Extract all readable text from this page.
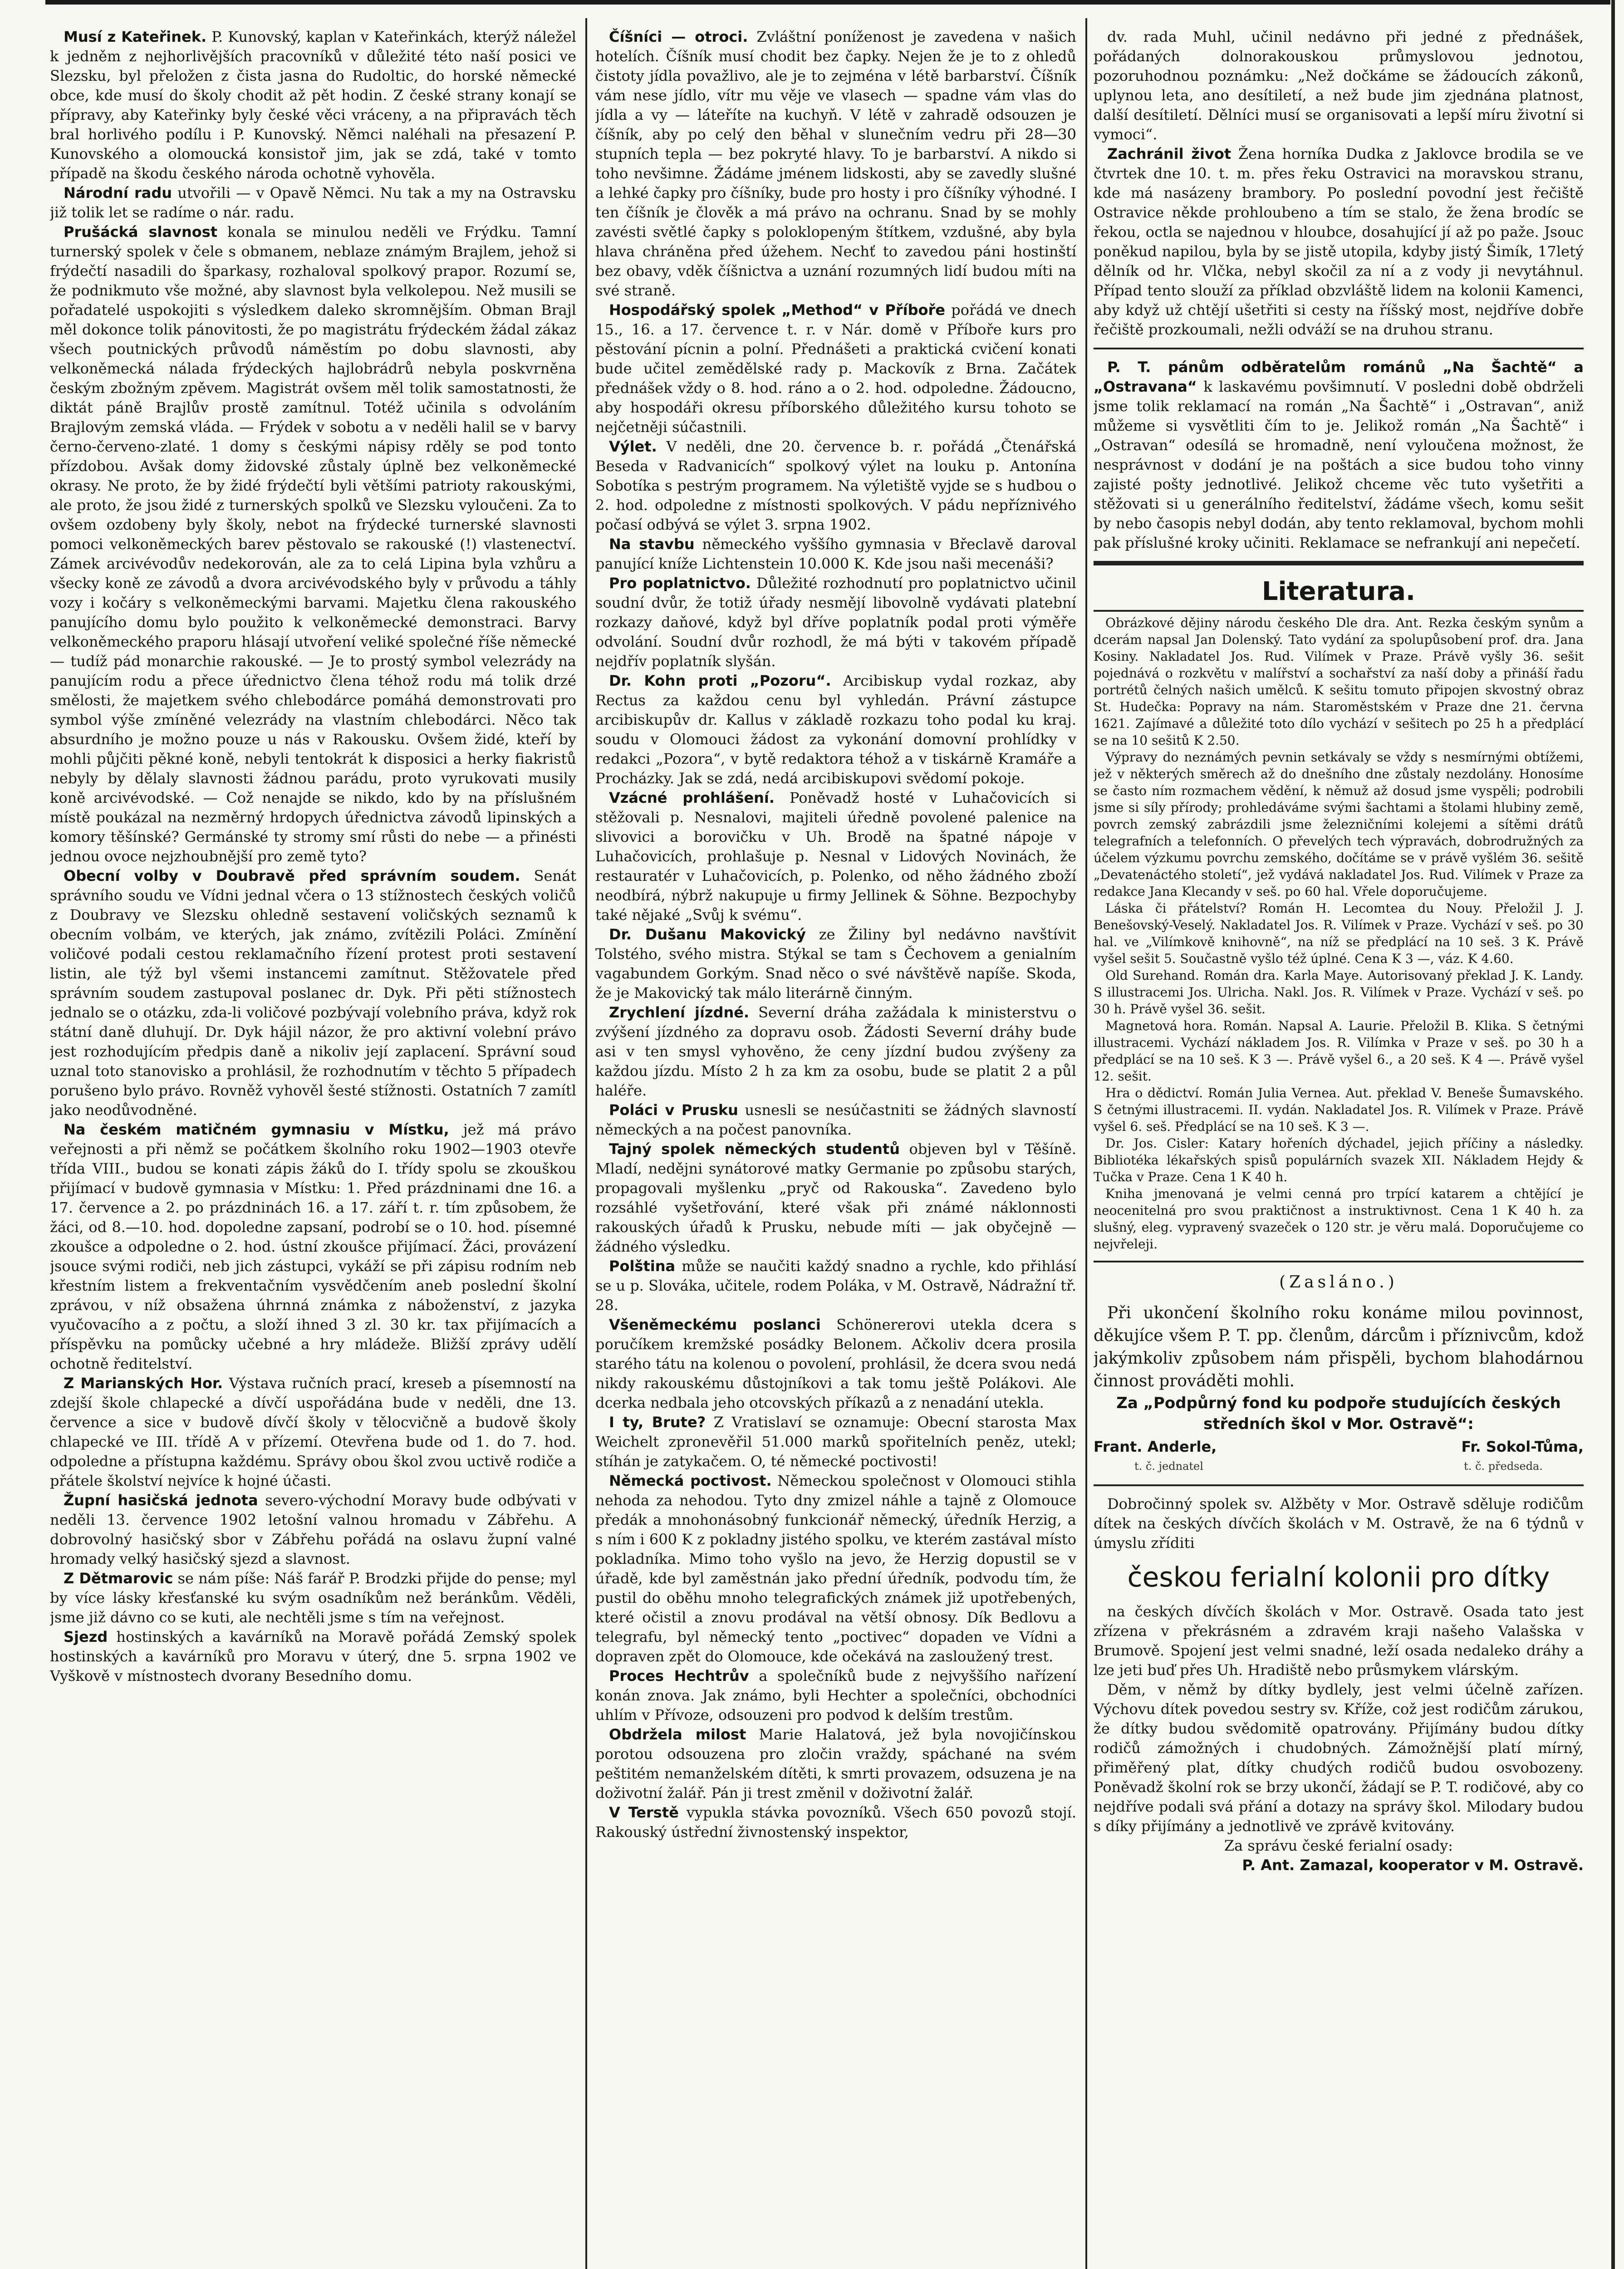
Musí z Kateřinek. P. Kunovský, kaplan v Kateřinkách, kterýž náležel k jedněm z nejhorlivějších pracovníků v důležité této naší posici ve Slezsku, byl přeložen z čista jasna do Rudoltic, do horské německé obce, kde musí do školy chodit až pět hodin. Z české strany konají se přípravy, aby Kateřinky byly české věci vráceny, a na připravách těch bral horlivého podílu i P. Kunovský. Němci naléhali na přesazení P. Kunovského a olomoucká konsistoř jim, jak se zdá, také v tomto případě na škodu českého národa ochotně vyhověla.

Národní radu utvořili — v Opavě Němci. Nu tak a my na Ostravsku již tolik let se radíme o nár. radu.

Prušácká slavnost konala se minulou neděli ve Frýdku. Tamní turnerský spolek v čele s obmanem, neblaze známým Brajlem, jehož si frýdečtí nasadili do šparkasy, rozhaloval spolkový prapor. Rozumí se, že podnikmuto vše možné, aby slavnost byla velkolepou. Než musili se pořadatelé uspokojiti s výsledkem daleko skromnějším. Obman Brajl měl dokonce tolik pánovitosti, že po magistrátu frýdeckém žádal zákaz všech poutnických průvodů náměstím po dobu slavnosti, aby velkoněmecká nálada frýdeckých hajlobrádrů nebyla poskvrněna českým zbožným zpěvem. Magistrát ovšem měl tolik samostatnosti, že diktát páně Brajlův prostě zamítnul. Totéž učinila s odvoláním Brajlovým zemská vláda. — Frýdek v sobotu a v neděli halil se v barvy černo-červeno-zlaté. 1 domy s českými nápisy rděly se pod tonto přízdobou. Avšak domy židovské zůstaly úplně bez velkoněmecké okrasy. Ne proto, že by židé frýdečtí byli většími patrioty rakouskými, ale proto, že jsou židé z turnerských spolků ve Slezsku vyloučeni. Za to ovšem ozdobeny byly školy, nebot na frýdecké turnerské slavnosti pomoci velkoněmeckých barev pěstovalo se rakouské (!) vlastenectví. Zámek arcivévodův nedekorován, ale za to celá Lipina byla vzhůru a všecky koně ze závodů a dvora arcivévodského byly v průvodu a táhly vozy i kočáry s velkoněmeckými barvami. Majetku člena rakouského panujícího domu bylo použito k velkoněmecké demonstraci. Barvy velkoněmeckého praporu hlásají utvoření veliké společné říše německé — tudíž pád monarchie rakouské. — Je to prostý symbol velezrády na panujícím rodu a přece úřednictvo člena téhož rodu má tolik drzé smělosti, že majetkem svého chlebodárce pomáhá demonstrovati pro symbol výše zmíněné velezrády na vlastním chlebodárci. Něco tak absurdního je možno pouze u nás v Rakousku. Ovšem židé, kteří by mohli půjčiti pěkné koně, nebyli tentokrát k disposici a herky fiakristů nebyly by dělaly slavnosti žádnou parádu, proto vyrukovati musily koně arcivévodské. — Což nenajde se nikdo, kdo by na příslušném místě poukázal na nezměrný hrdopych úřednictva závodů lipinských a komory těšínské? Germánské ty stromy smí růsti do nebe — a přinésti jednou ovoce nejzhoubnější pro země tyto?

Obecní volby v Doubravě před správním soudem. Senát správního soudu ve Vídni jednal včera o 13 stížnostech českých voličů z Doubravy ve Slezsku ohledně sestavení voličských seznamů k obecním volbám, ve kterých, jak známo, zvítězili Poláci. Zmínění voličové podali cestou reklamačního řízení protest proti sestavení listin, ale týž byl všemi instancemi zamítnut. Stěžovatele před správním soudem zastupoval poslanec dr. Dyk. Při pěti stížnostech jednalo se o otázku, zda-li voličové pozbývají volebního práva, když rok státní daně dluhují. Dr. Dyk hájil názor, že pro aktivní volební právo jest rozhodujícím předpis daně a nikoliv její zaplacení. Správní soud uznal toto stanovisko a prohlásil, že rozhodnutím v těchto 5 případech porušeno bylo právo. Rovněž vyhověl šesté stížnosti. Ostatních 7 zamítl jako neodůvodněné.

Na českém matičném gymnasiu v Místku, jež má právo veřejnosti a při němž se počátkem školního roku 1902—1903 otevře třída VIII., budou se konati zápis žáků do I. třídy spolu se zkouškou přijímací v budově gymnasia v Místku: 1. Před prázdninami dne 16. a 17. července a 2. po prázdninách 16. a 17. září t. r. tím způsobem, že žáci, od 8.—10. hod. dopoledne zapsaní, podrobí se o 10. hod. písemné zkoušce a odpoledne o 2. hod. ústní zkoušce přijímací. Žáci, provázení jsouce svými rodiči, neb jich zástupci, vykáží se při zápisu rodním neb křestním listem a frekventačním vysvědčením aneb poslední školní zprávou, v níž obsažena úhrnná známka z náboženství, z jazyka vyučovacího a z počtu, a složí ihned 3 zl. 30 kr. tax přijímacích a příspěvku na pomůcky učebné a hry mládeže. Bližší zprávy udělí ochotně ředitelství.

Z Marianských Hor. Výstava ručních prací, kreseb a písemností na zdejší škole chlapecké a dívčí uspořádána bude v neděli, dne 13. července a sice v budově dívčí školy v tělocvičně a budově školy chlapecké ve III. třídě A v přízemí. Otevřena bude od 1. do 7. hod. odpoledne a přístupna každému. Správy obou škol zvou uctivě rodiče a přátele školství nejvíce k hojné účasti.

Župní hasičská jednota severo-východní Moravy bude odbývati v neděli 13. července 1902 letošní valnou hromadu v Zábřehu. A dobrovolný hasičský sbor v Zábřehu pořádá na oslavu župní valné hromady velký hasičský sjezd a slavnost.

Z Dětmarovic se nám píše: Náš farář P. Brodzki přijde do pense; myl by více lásky křesťanské ku svým osadníkům než beránkům. Věděli, jsme již dávno co se kuti, ale nechtěli jsme s tím na veřejnost.

Sjezd hostinských a kavárníků na Moravě pořádá Zemský spolek hostinských a kavárníků pro Moravu v úterý, dne 5. srpna 1902 ve Vyškově v místnostech dvorany Besedního domu.

Číšníci — otroci. Zvláštní poníženost je zavedena v našich hotelích. Číšník musí chodit bez čapky. Nejen že je to z ohledů čistoty jídla považlivo, ale je to zejména v létě barbarství. Číšník vám nese jídlo, vítr mu věje ve vlasech — spadne vám vlas do jídla a vy — láteříte na kuchyň. V létě v zahradě odsouzen je číšník, aby po celý den běhal v slunečním vedru při 28—30 stupních tepla — bez pokryté hlavy. To je barbarství. A nikdo si toho nevšimne. Žádáme jménem lidskosti, aby se zavedly slušné a lehké čapky pro číšníky, bude pro hosty i pro číšníky výhodné. I ten číšník je člověk a má právo na ochranu. Snad by se mohly zavésti světlé čapky s poloklopeným štítkem, vzdušné, aby byla hlava chráněna před úžehem. Nechť to zavedou páni hostinští bez obavy, vděk číšnictva a uznání rozumných lidí budou míti na své straně.

Hospodářský spolek „Method“ v Příboře pořádá ve dnech 15., 16. a 17. července t. r. v Nár. domě v Příboře kurs pro pěstování pícnin a polní. Přednášeti a praktická cvičení konati bude učitel zemědělské rady p. Mackovík z Brna. Začátek přednášek vždy o 8. hod. ráno a o 2. hod. odpoledne. Žádoucno, aby hospodáři okresu příborského důležitého kursu tohoto se nejčetněji súčastnili.

Výlet. V neděli, dne 20. července b. r. pořádá „Čtenářská Beseda v Radvanicích“ spolkový výlet na louku p. Antonína Sobotíka s pestrým programem. Na výletiště vyjde se s hudbou o 2. hod. odpoledne z místnosti spolkových. V pádu nepříznivého počasí odbývá se výlet 3. srpna 1902.

Na stavbu německého vyššího gymnasia v Břeclavě daroval panující kníže Lichtenstein 10.000 K. Kde jsou naši mecenáši?

Pro poplatnictvo. Důležité rozhodnutí pro poplatnictvo učinil soudní dvůr, že totiž úřady nesmějí libovolně vydávati platební rozkazy daňové, když byl dříve poplatník podal proti výměře odvolání. Soudní dvůr rozhodl, že má býti v takovém případě nejdřív poplatník slyšán.

Dr. Kohn proti „Pozoru“. Arcibiskup vydal rozkaz, aby Rectus za každou cenu byl vyhledán. Právní zástupce arcibiskupův dr. Kallus v základě rozkazu toho podal ku kraj. soudu v Olomouci žádost za vykonání domovní prohlídky v redakci „Pozora“, v bytě redaktora téhož a v tiskárně Kramáře a Procházky. Jak se zdá, nedá arcibiskupovi svědomí pokoje.

Vzácné prohlášení. Poněvadž hosté v Luhačovicích si stěžovali p. Nesnalovi, majiteli úředně povolené palenice na slivovici a borovičku v Uh. Brodě na špatné nápoje v Luhačovicích, prohlašuje p. Nesnal v Lidových Novinách, že restauratér v Luhačovicích, p. Polenko, od něho žádného zboží neodbírá, nýbrž nakupuje u firmy Jellinek & Söhne. Bezpochyby také nějaké „Svůj k svému“.

Dr. Dušanu Makovický ze Žiliny byl nedávno navštívit Tolstého, svého mistra. Stýkal se tam s Čechovem a genialním vagabundem Gorkým. Snad něco o své návštěvě napíše. Skoda, že je Makovický tak málo literárně činným.

Zrychlení jízdné. Severní dráha zažádala k ministerstvu o zvýšení jízdného za dopravu osob. Žádosti Severní dráhy bude asi v ten smysl vyhověno, že ceny jízdní budou zvýšeny za každou jízdu. Místo 2 h za km za osobu, bude se platit 2 a půl haléře.

Poláci v Prusku usnesli se nesúčastniti se žádných slavností německých a na počest panovníka.

Tajný spolek německých studentů objeven byl v Těšíně. Mladí, nedějni synátorové matky Germanie po způsobu starých, propagovali myšlenku „pryč od Rakouska“. Zavedeno bylo rozsáhlé vyšetřování, které však při známé náklonnosti rakouských úřadů k Prusku, nebude míti — jak obyčejně — žádného výsledku.

Polština může se naučiti každý snadno a rychle, kdo přihlásí se u p. Slováka, učitele, rodem Poláka, v M. Ostravě, Nádražní tř. 28.

Všeněmeckému poslanci Schönererovi utekla dcera s poručíkem kremžské posádky Belonem. Ačkoliv dcera prosila starého tátu na kolenou o povolení, prohlásil, že dcera svou nedá nikdy rakouskému důstojníkovi a tak tomu ještě Polákovi. Ale dcerka nedbala jeho otcovských příkazů a z nenadání utekla.

I ty, Brute? Z Vratislaví se oznamuje: Obecní starosta Max Weichelt zpronevěřil 51.000 marků spořitelních peněz, utekl; stíhán je zatykačem. O, té německé poctivosti!

Německá poctivost. Německou společnost v Olomouci stihla nehoda za nehodou. Tyto dny zmizel náhle a tajně z Olomouce předák a mnohonásobný funkcionář německý, úředník Herzig, a s ním i 600 K z pokladny jistého spolku, ve kterém zastával místo pokladníka. Mimo toho vyšlo na jevo, že Herzig dopustil se v úřadě, kde byl zaměstnán jako přední úředník, podvodu tím, že pustil do oběhu mnoho telegrafických známek již upotřebených, které očistil a znovu prodával na větší obnosy. Dík Bedlovu a telegrafu, byl německý tento „poctivec“ dopaden ve Vídni a dopraven zpět do Olomouce, kde očekává na zasloužený trest.

Proces Hechtrův a společníků bude z nejvyššího nařízení konán znova. Jak známo, byli Hechter a společníci, obchodníci uhlím v Přívoze, odsouzeni pro podvod k delším trestům.

Obdržela milost Marie Halatová, jež byla novojičínskou porotou odsouzena pro zločin vraždy, spáchané na svém peštitém nemanželském dítěti, k smrti provazem, odsuzena je na doživotní žalář. Pán ji trest změnil v doživotní žalář.

V Terstě vypukla stávka povozníků. Všech 650 povozů stojí. Rakouský ústřední živnostenský inspektor,

dv. rada Muhl, učinil nedávno při jedné z přednášek, pořádaných dolnorakouskou průmyslovou jednotou, pozoruhodnou poznámku: „Než dočkáme se žádoucích zákonů, uplynou leta, ano desítiletí, a než bude jim zjednána platnost, další desítiletí. Dělníci musí se organisovati a lepší míru životní si vymoci“.

Zachránil život Žena horníka Dudka z Jaklovce brodila se ve čtvrtek dne 10. t. m. přes řeku Ostravici na moravskou stranu, kde má nasázeny brambory. Po poslední povodní jest řečiště Ostravice někde prohloubeno a tím se stalo, že žena brodíc se řekou, octla se najednou v hloubce, dosahující jí až po paže. Jsouc poněkud napilou, byla by se jistě utopila, kdyby jistý Šimík, 17letý dělník od hr. Vlčka, nebyl skočil za ní a z vody ji nevytáhnul. Případ tento slouží za příklad obzvláště lidem na kolonii Kamenci, aby když už chtějí ušetřiti si cesty na říšský most, nejdříve dobře řečiště prozkoumali, nežli odváží se na druhou stranu.

P. T. pánům odběratelům románů „Na Šachtě“ a „Ostravana“ k laskavému povšimnutí. V posledni době obdrželi jsme tolik reklamací na román „Na Šachtě“ i „Ostravan“, aniž můžeme si vysvětliti čím to je. Jelikož román „Na Šachtě“ i „Ostravan“ odesílá se hromadně, není vyloučena možnost, že nesprávnost v dodání je na poštách a sice budou toho vinny zajisté pošty jednotlivé. Jelikož chceme věc tuto vyšetřiti a stěžovati si u generálního ředitelství, žádáme všech, komu sešit by nebo časopis nebyl dodán, aby tento reklamoval, bychom mohli pak příslušné kroky učiniti. Reklamace se nefrankují ani nepečetí.

Literatura.

Obrázkové dějiny národu českého Dle dra. Ant. Rezka českým synům a dcerám napsal Jan Dolenský. Tato vydání za spolupůsobení prof. dra. Jana Kosiny. Nakladatel Jos. Rud. Vilímek v Praze. Právě vyšly 36. sešit pojednává o rozkvětu v malířství a sochařství za naší doby a přináší řadu portrétů čelných našich umělců. K sešitu tomuto připojen skvostný obraz St. Hudečka: Popravy na nám. Staroměstském v Praze dne 21. června 1621. Zajímavé a důležité toto dílo vychází v sešitech po 25 h a předplácí se na 10 sešitů K 2.50.

Výpravy do neznámých pevnin setkávaly se vždy s nesmírnými obtížemi, jež v některých směrech až do dnešního dne zůstaly nezdolány. Honosíme se často ním rozmachem vědění, k němuž až dosud jsme vyspěli; podrobili jsme si síly přírody; prohledáváme svými šachtami a štolami hlubiny země, povrch zemský zabrázdili jsme železničními kolejemi a sítěmi drátů telegrafních a telefonních. O převelých tech výpravách, dobrodružných za účelem výzkumu povrchu zemského, dočítáme se v právě vyšlém 36. sešitě „Devatenáctého století“, jež vydává nakladatel Jos. Rud. Vilímek v Praze za redakce Jana Klecandy v seš. po 60 hal. Vřele doporučujeme.

Láska či přátelství? Román H. Lecomtea du Nouy. Přeložil J. J. Benešovský-Veselý. Nakladatel Jos. R. Vilímek v Praze. Vychází v seš. po 30 hal. ve „Vilímkově knihovně“, na níž se předplácí na 10 seš. 3 K. Právě vyšel sešit 5. Součastně vyšlo též úplné. Cena K 3 —, váz. K 4.60.

Old Surehand. Román dra. Karla Maye. Autorisovaný překlad J. K. Landy. S illustracemi Jos. Ulricha. Nakl. Jos. R. Vilímek v Praze. Vychází v seš. po 30 h. Právě vyšel 36. sešit.

Magnetová hora. Román. Napsal A. Laurie. Přeložil B. Klika. S četnými illustracemi. Vychází nákladem Jos. R. Vilímka v Praze v seš. po 30 h a předplácí se na 10 seš. K 3 —. Právě vyšel 6., a 20 seš. K 4 —. Právě vyšel 12. sešit.

Hra o dědictví. Román Julia Vernea. Aut. překlad V. Beneše Šumavského. S četnými illustracemi. II. vydán. Nakladatel Jos. R. Vilímek v Praze. Právě vyšel 6. seš. Předplácí se na 10 seš. K 3 —.

Dr. Jos. Cisler: Katary hořeních dýchadel, jejich příčiny a následky. Bibliotéka lékařských spisů populárních svazek XII. Nákladem Hejdy & Tučka v Praze. Cena 1 K 40 h.

Kniha jmenovaná je velmi cenná pro trpící katarem a chtějící je neocenitelná pro svou praktičnost a instruktivnost. Cena 1 K 40 h. za slušný, eleg. vypravený svazeček o 120 str. je věru malá. Doporučujeme co nejvřeleji.

(Zasláno.)

Při ukončení školního roku konáme milou povinnost, děkujíce všem P. T. pp. členům, dárcům i příznivcům, kdož jakýmkoliv způsobem nám přispěli, bychom blahodárnou činnost prováděti mohli.

Za „Podpůrný fond ku podpoře studujících českých středních škol v Mor. Ostravě“:
Frant. Anderle,	Fr. Sokol-Tůma,
t. č. jednatel	t. č. předseda.

Dobročinný spolek sv. Alžběty v Mor. Ostravě sděluje rodičům dítek na českých dívčích školách v M. Ostravě, že na 6 týdnů v úmyslu zříditi

českou ferialní kolonii pro dítky

na českých dívčích školách v Mor. Ostravě. Osada tato jest zřízena v překrásném a zdravém kraji našeho Valašska v Brumově. Spojení jest velmi snadné, leží osada nedaleko dráhy a lze jeti buď přes Uh. Hradiště nebo průsmykem vlárským.

Děm, v němž by dítky bydlely, jest velmi účelně zařízen. Výchovu dítek povedou sestry sv. Kříže, což jest rodičům zárukou, že dítky budou svědomitě opatrovány. Přijímány budou dítky rodičů zámožných i chudobných. Zámožnější platí mírný, přiměřený plat, dítky chudých rodičů budou osvobozeny. Poněvadž školní rok se brzy ukončí, žádají se P. T. rodičové, aby co nejdříve podali svá přání a dotazy na správy škol. Milodary budou s díky přijímány a jednotlivě ve zprávě kvitovány.

Za správu české ferialní osady:

P. Ant. Zamazal, kooperator v M. Ostravě.
